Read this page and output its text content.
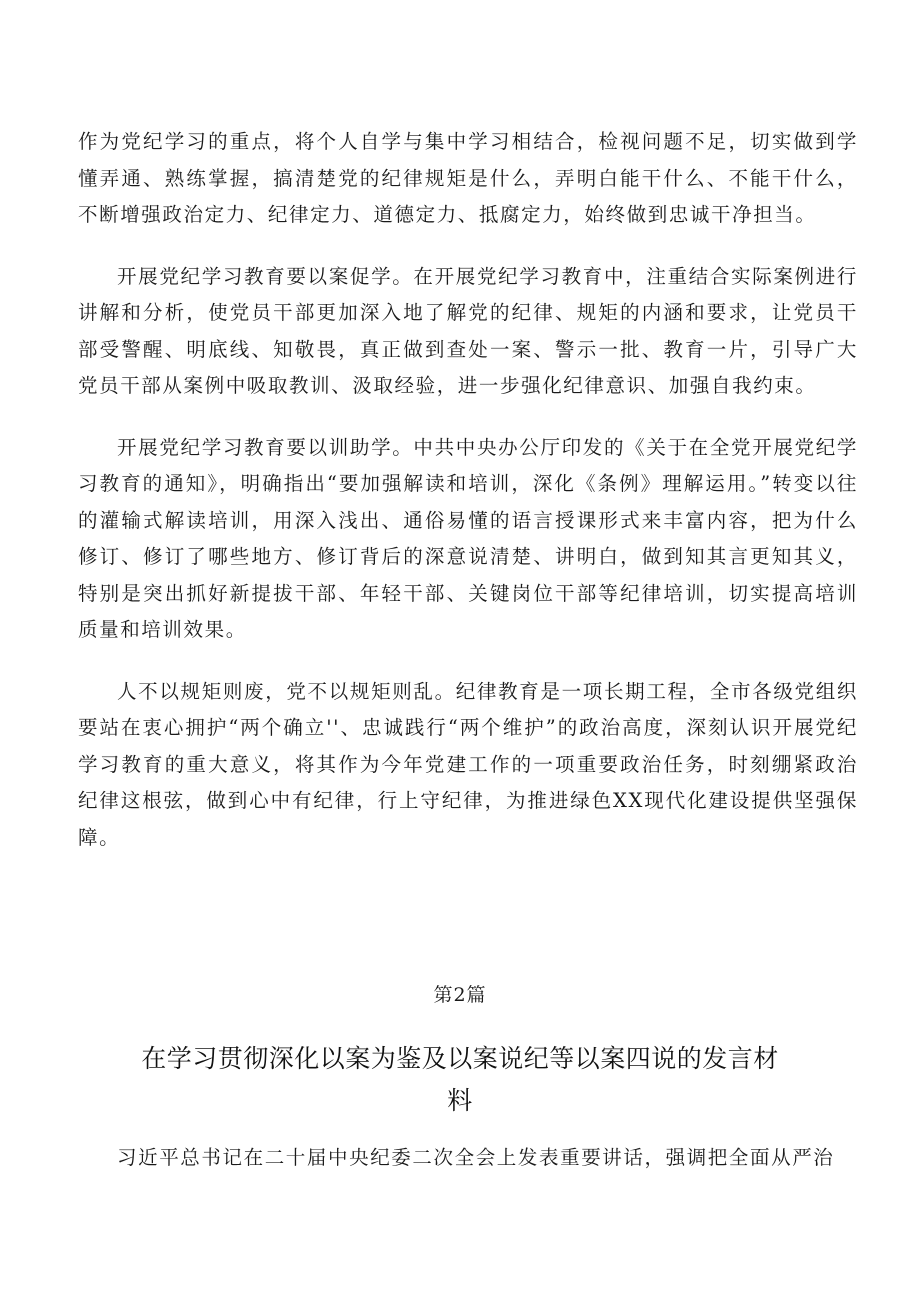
作为党纪学习的重点，将个人自学与集中学习相结合，检视问题不足，切实做到学懂弄通、熟练掌握，搞清楚党的纪律规矩是什么，弄明白能干什么、不能干什么，不断增强政治定力、纪律定力、道德定力、抵腐定力，始终做到忠诚干净担当。

开展党纪学习教育要以案促学。在开展党纪学习教育中，注重结合实际案例进行讲解和分析，使党员干部更加深入地了解党的纪律、规矩的内涵和要求，让党员干部受警醒、明底线、知敬畏，真正做到查处一案、警示一批、教育一片，引导广大党员干部从案例中吸取教训、汲取经验，进一步强化纪律意识、加强自我约束。

开展党纪学习教育要以训助学。中共中央办公厅印发的《关于在全党开展党纪学习教育的通知》，明确指出“要加强解读和培训，深化《条例》理解运用。”转变以往的灌输式解读培训，用深入浅出、通俗易懂的语言授课形式来丰富内容，把为什么修订、修订了哪些地方、修订背后的深意说清楚、讲明白，做到知其言更知其义，特别是突出抓好新提拔干部、年轻干部、关键岗位干部等纪律培训，切实提高培训质量和培训效果。

人不以规矩则废，党不以规矩则乱。纪律教育是一项长期工程，全市各级党组织要站在衷心拥护“两个确立''、忠诚践行“两个维护”的政治高度，深刻认识开展党纪学习教育的重大意义，将其作为今年党建工作的一项重要政治任务，时刻绷紧政治纪律这根弦，做到心中有纪律，行上守纪律，为推进绿色XX现代化建设提供坚强保障。

第2篇
在学习贯彻深化以案为鉴及以案说纪等以案四说的发言材料
习近平总书记在二十届中央纪委二次全会上发表重要讲话，强调把全面从严治
